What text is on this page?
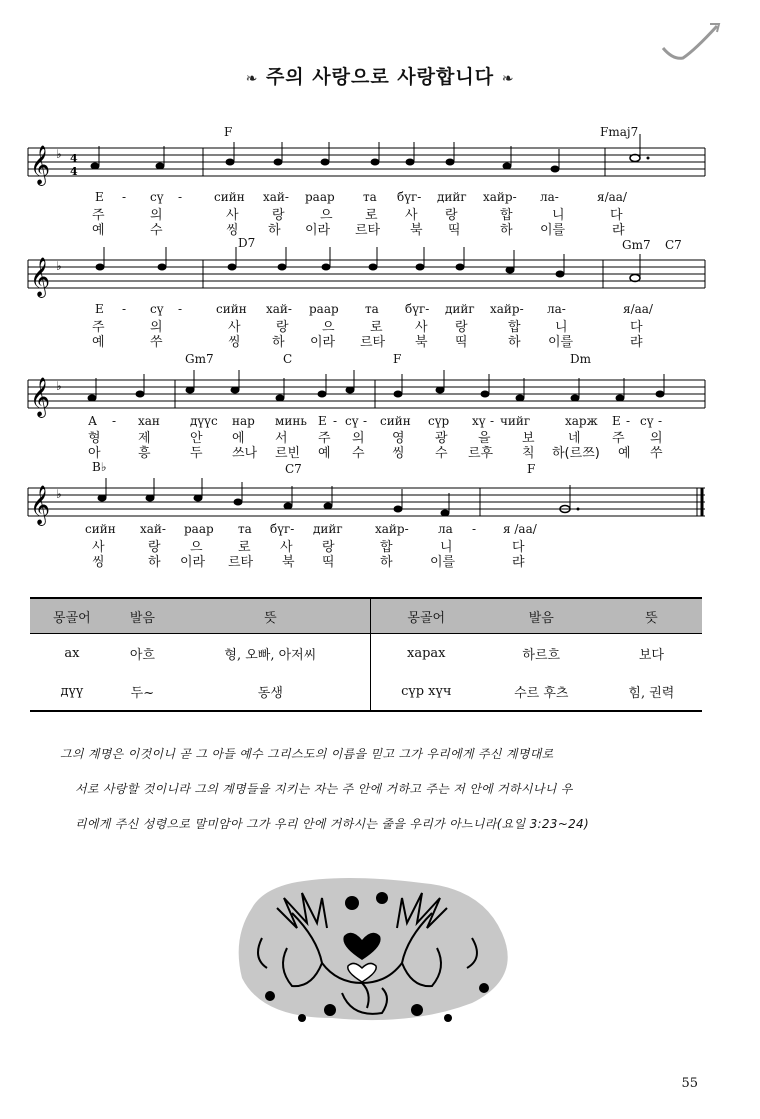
❧ 주의 사랑으로 사랑합니다 ❧
𝄞 ♭ 4
4
F	Fmaj7
Е - сү -	сийн хай- раар та бүг- дийг хайр- ла-	я/аа/
주	의	사	랑	으 로 사 랑	합	니	다
예	수	씽 하 이라 르타 북 띡	하 이를	랴
𝄞 ♭
D7	Gm7 C7
Е - сү -	сийн хай- раар та бүг- дийг хайр- ла-	я/аа/
주	의	사	랑	으	로 사 랑	합	니	다
예	쑤	씽 하 이라 르타 북 띡	하 이를	랴
𝄞 ♭
Gm7	C	F	Dm
А - хан	дүүс нар минь Е - сү - сийн сүр хү - чийг	харж Е - сү -
형	제	안 에 서 주 의 영 광 을 보	네 주 의
아	흥	두 쓰나 르빈 예 수 씽 수 르후 칙 하(르쯔) 예 쑤
𝄞 ♭
B♭	C7	F
сийн хай- раар та бүг- дийг	хайр- ла - я /аа/
사	랑 으	로 사 랑	합	니	다
씽	하 이라 르타 북 띡	하	이를	랴
몽골어	발음	뜻	몽골어	발음	뜻
ах	아흐	형, 오빠, 아저씨	харах	하르흐	보다
дүү	두~	동생	сүр хүч	수르 후츠	힘, 권력
그의 계명은 이것이니 곧 그 아들 예수 그리스도의 이름을 믿고 그가 우리에게 주신 계명대로
서로 사랑할 것이니라 그의 계명들을 지키는 자는 주 안에 거하고 주는 저 안에 거하시나니 우
리에게 주신 성령으로 말미암아 그가 우리 안에 거하시는 줄을 우리가 아느니라(요일 3:23~24)
55
